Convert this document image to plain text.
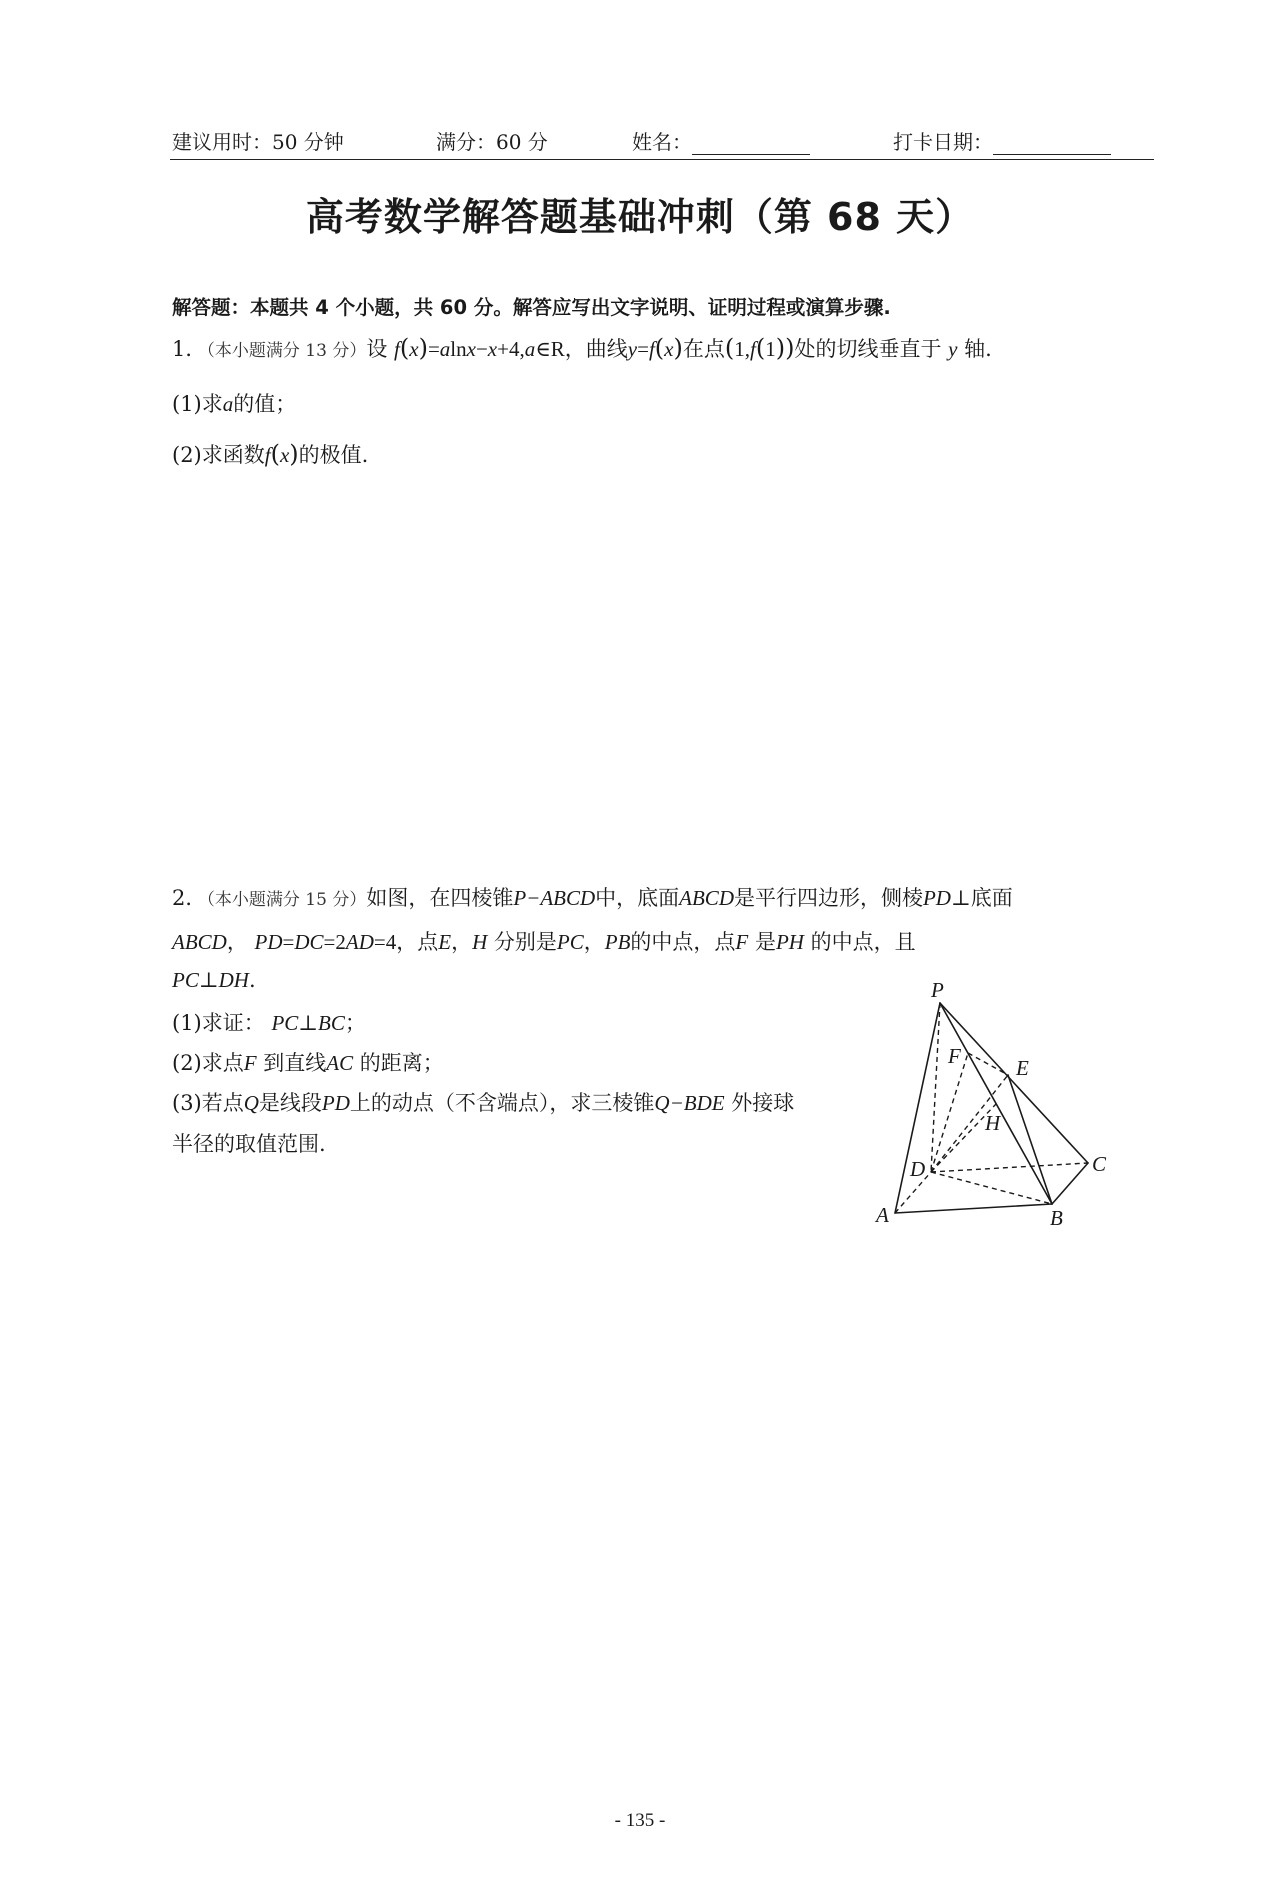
建议用时：50 分钟	满分：60 分	姓名：	打卡日期：
高考数学解答题基础冲刺（第 68 天）
解答题：本题共 4 个小题，共 60 分。解答应写出文字说明、证明过程或演算步骤.
1．（本小题满分 13 分）设 f(x)=alnx−x+4,a∈R，曲线y=f(x)在点(1,f(1))处的切线垂直于 y 轴.
(1)求a的值；
(2)求函数f(x)的极值.
2．（本小题满分 15 分）如图，在四棱锥P−ABCD中，底面ABCD是平行四边形，侧棱PD⊥底面
ABCD， PD=DC=2AD=4，点E，H 分别是PC，PB的中点，点F 是PH 的中点，且
PC⊥DH.
(1)求证： PC⊥BC；
(2)求点F 到直线AC 的距离；
(3)若点Q是线段PD上的动点（不含端点），求三棱锥Q−BDE 外接球
半径的取值范围.
P
F	E
H
D	C
A	B
- 135 -
